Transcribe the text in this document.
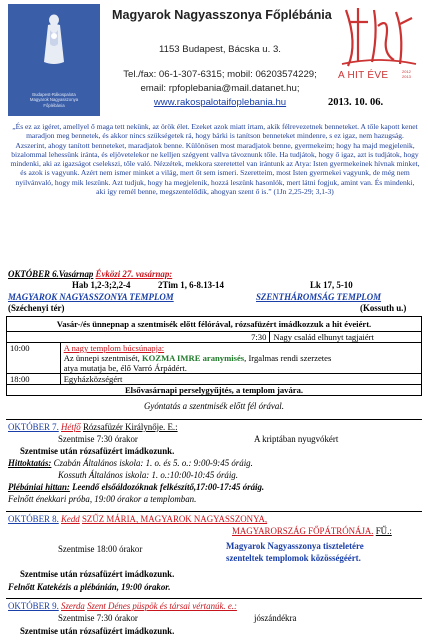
Budapest-Rákospalota
Magyarok Nagyasszonya
Főplébánia
Magyarok Nagyasszonya Főplébánia
1153 Budapest, Bácska u. 3.
Tel./fax: 06-1-307-6315; mobil: 06203574229;
email: rpfoplebania@mail.datanet.hu;
www.rakospalotaifoplebania.hu
A HIT ÉVE	2012
2013
2013. 10. 06.
„És ez az igéret, amellyel ő maga tett nekünk, az örök élet. Ezeket azok miatt írtam, akik félrevezetnek benneteket. A tőle kapott kenet maradjon meg bennetek, és akkor nincs szükségetek rá, hogy bárki is tanítson benneteket mindenre, s ez igaz, nem hazugság. Azszerint, ahogy tanított benneteket, maradjatok benne. Különösen most maradjatok benne, gyermekeim; hogy ha majd megjelenik, bizalommal lehessünk iránta, és eljövetelekor ne kelljen szégyent vallva távoznunk tőle. Ha tudjátok, hogy ő igaz, azt is tudjátok, hogy mindenki, aki az igazságot cselekszi, tőle való. Nézzétek, mekkora szeretettel van irántunk az Atya: Isten gyermekeinek hívnak minket, és azok is vagyunk. Azért nem ismer minket a világ, mert őt sem ismeri. Szeretteim, most Isten gyermekei vagyunk, de még nem nyilvánvaló, hogy mik leszünk. Azt tudjuk, hogy ha megjelenik, hozzá leszünk hasonlók, mert látni fogjuk, amint van. És mindenki, aki így remél benne, megszentelődik, ahogyan szent ő is.” (1Jn 2,25-29; 3,1-3)
OKTÓBER 6.Vasárnap Évközi 27. vasárnap:
Hab 1,2-3;2,2-4	2Tim 1, 6-8.13-14	Lk 17, 5-10
MAGYAROK NAGYASSZONYA TEMPLOM	SZENTHÁROMSÁG TEMPLOM
(Széchenyi tér)	(Kossuth u.)
Vasár-/és ünnepnap a szentmisék előtt félórával, rózsafüzért imádkozzuk a hit éveiért.		
	7:30	Nagy család elhunyt tagjaiért
10:00	A nagy templom búcsúnapja:
Az ünnepi szentmisét, KOZMA IMRE aranymisés, Irgalmas rendi szerzetes
atya mutatja be, élő Varró Árpádért.	
18:00	Egyházközségért	
Elsővasárnapi perselygyűjtés, a templom javára.		
Gyóntatás a szentmisék előtt fél órával.
OKTÓBER 7. Hétfő Rózsafüzér Királynője. E.:
Szentmise 7:30 órakor	A kriptában nyugvókért
Szentmise után rózsafüzért imádkozunk.
Hittoktatás: Czabán Általános iskola: 1. o. és 5. o.: 9:00-9:45 óráig.
Kossuth Általános iskola: 1. o.:10:00-10:45 óráig.
Plébániai hittan: Leendő elsőáldozóknak felkészítő,17:00-17:45 óráig.
Felnőtt énekkari próba, 19:00 órakor a templomban.
OKTÓBER 8. Kedd SZŰZ MÁRIA, MAGYAROK NAGYASSZONYA,
MAGYARORSZÁG FŐPÁTRÓNÁJA. FŰ.:
Szentmise 18:00 órakor	Magyarok Nagyasszonya tiszteletére
szenteltek templomok közösségéért.
Szentmise után rózsafüzért imádkozunk.
Felnőtt Katekézis a plébánián, 19:00 órakor.
OKTÓBER 9. Szerda Szent Dénes püspök és társai vértanúk. e.:
Szentmise 7:30 órakor	jószándékra
Szentmise után rózsafüzért imádkozunk.
